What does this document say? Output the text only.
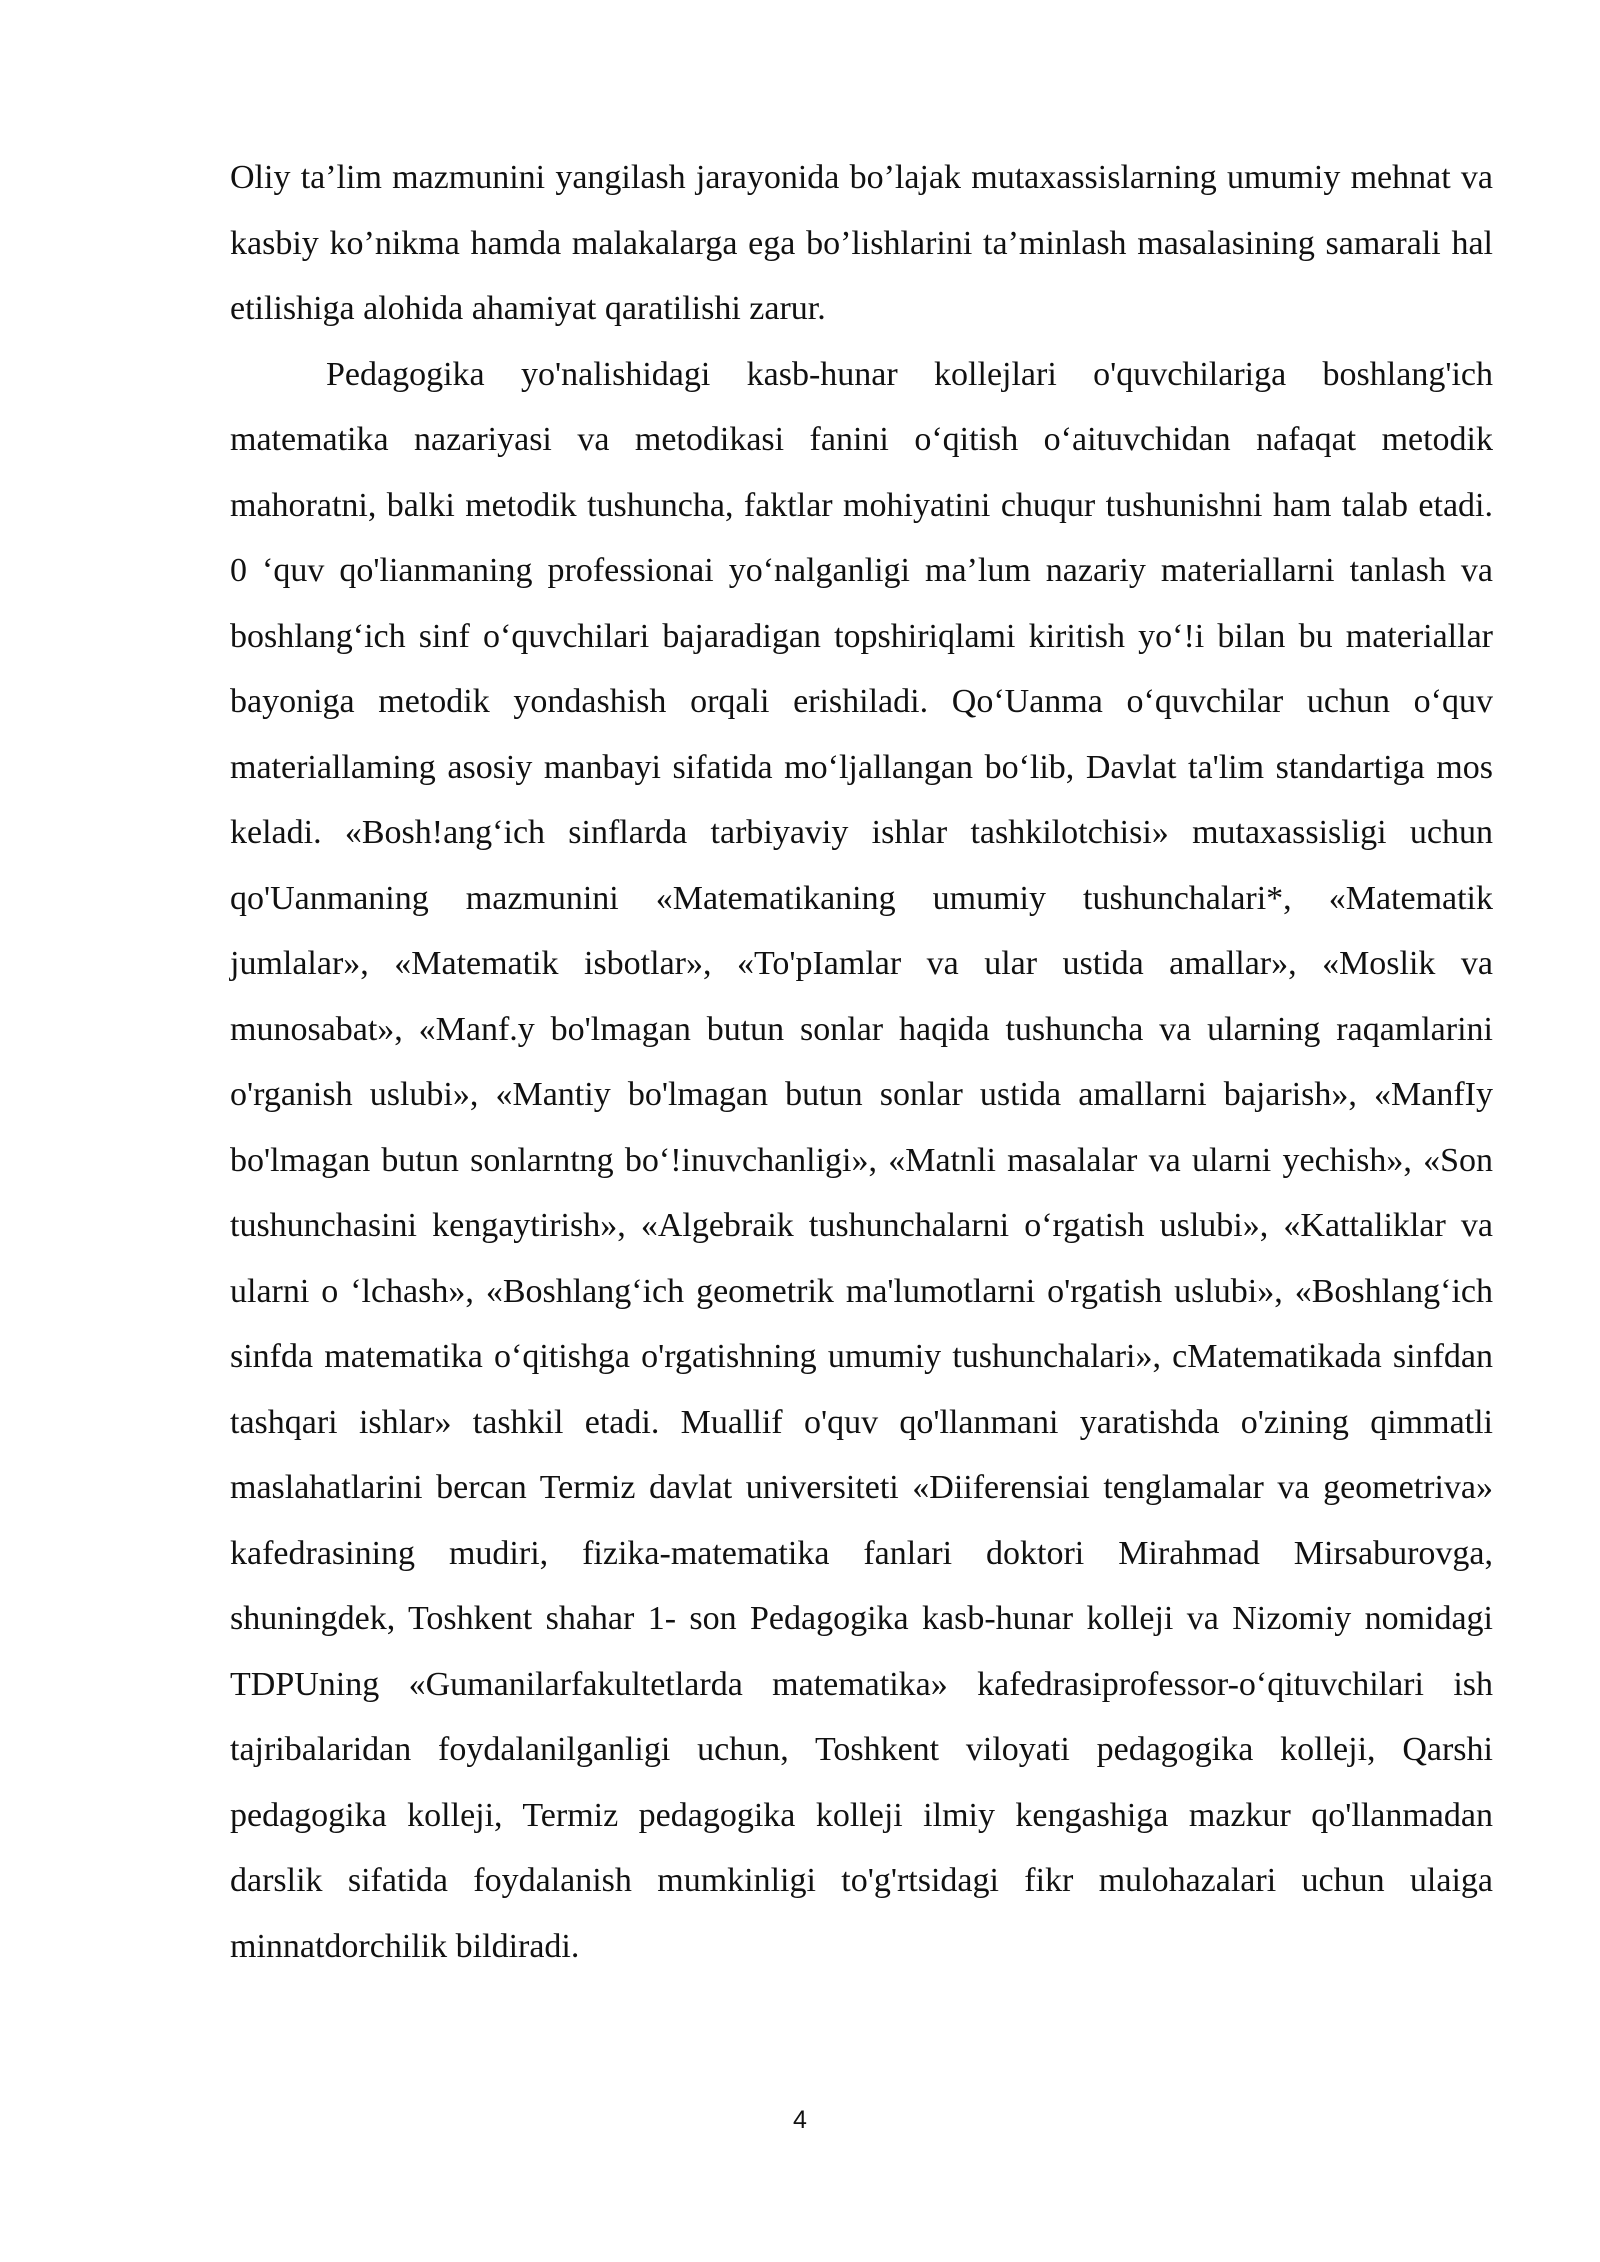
Oliy ta’lim mazmunini yangilash jarayonida bo’lajak mutaxassislarning umumiy mehnat va kasbiy ko’nikma hamda malakalarga ega bo’lishlarini ta’minlash masalasining samarali hal etilishiga alohida ahamiyat qaratilishi zarur.

Pedagogika yo'nalishidagi kasb-hunar kollejlari o'quvchilariga boshlang'ich matematika nazariyasi va metodikasi fanini o‘qitish o‘aituvchidan nafaqat metodik mahoratni, balki metodik tushuncha, faktlar mohiyatini chuqur tushunishni ham talab etadi. 0 ‘quv qo'lianmaning professionai yo‘nalganligi ma’lum nazariy materiallarni tanlash va boshlang‘ich sinf o‘quvchilari bajaradigan topshiriqlami kiritish yo‘!i bilan bu materiallar bayoniga metodik yondashish orqali erishiladi. Qo‘Uanma o‘quvchilar uchun o‘quv materiallaming asosiy manbayi sifatida mo‘ljallangan bo‘lib, Davlat ta'lim standartiga mos keladi. «Bosh!ang‘ich sinflarda tarbiyaviy ishlar tashkilotchisi» mutaxassisligi uchun qo'Uanmaning mazmunini «Matematikaning umumiy tushunchalari*, «Matematik jumlalar», «Matematik isbotlar», «To'pIamlar va ular ustida amallar», «Moslik va munosabat», «Manf.y bo'lmagan butun sonlar haqida tushuncha va ularning raqamlarini o'rganish uslubi», «Mantiy bo'lmagan butun sonlar ustida amallarni bajarish», «ManfIy bo'lmagan butun sonlarntng bo‘!inuvchanligi», «Matnli masalalar va ularni yechish», «Son tushunchasini kengaytirish», «Algebraik tushunchalarni o‘rgatish uslubi», «Kattaliklar va ularni o ‘lchash», «Boshlang‘ich geometrik ma'lumotlarni o'rgatish uslubi», «Boshlang‘ich sinfda matematika o‘qitishga o'rgatishning umumiy tushunchalari», cMatematikada sinfdan tashqari ishlar» tashkil etadi. Muallif o'quv qo'llanmani yaratishda o'zining qimmatli maslahatlarini bercan Termiz davlat universiteti «Diiferensiai tenglamalar va geometriva» kafedrasining mudiri, fizika-matematika fanlari doktori Mirahmad Mirsaburovga, shuningdek, Toshkent shahar 1- son Pedagogika kasb-hunar kolleji va Nizomiy nomidagi TDPUning «Gumanilarfakultetlarda matematika» kafedrasiprofessor-o‘qituvchilari ish tajribalaridan foydalanilganligi uchun, Toshkent viloyati pedagogika kolleji, Qarshi pedagogika kolleji, Termiz pedagogika kolleji ilmiy kengashiga mazkur qo'llanmadan darslik sifatida foydalanish mumkinligi to'g'rtsidagi fikr mulohazalari uchun ulaiga minnatdorchilik bildiradi.

4
